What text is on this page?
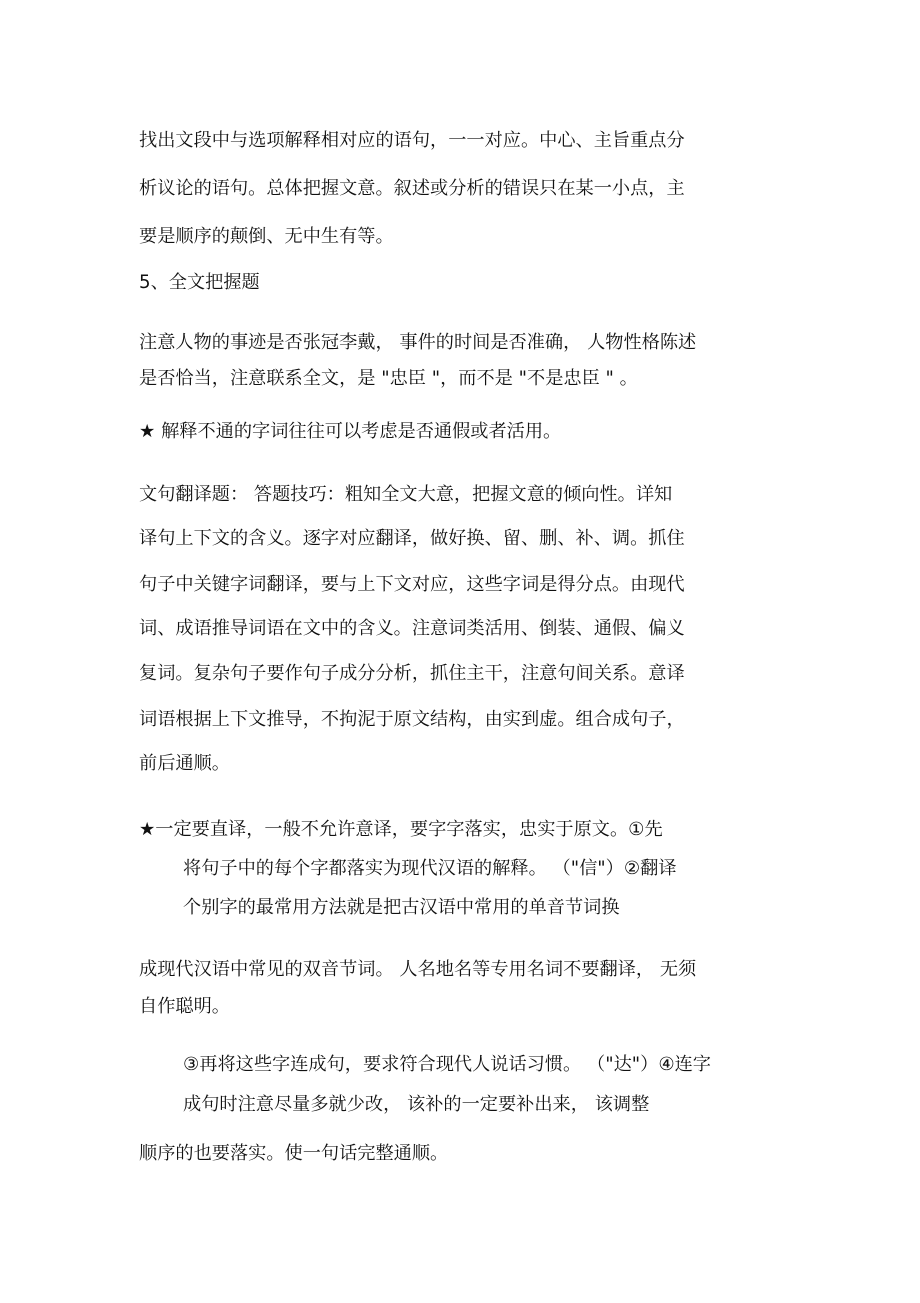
找出文段中与选项解释相对应的语句，一一对应。中心、主旨重点分
析议论的语句。总体把握文意。叙述或分析的错误只在某一小点，主
要是顺序的颠倒、无中生有等。
5、全文把握题
注意人物的事迹是否张冠李戴， 事件的时间是否准确， 人物性格陈述
是否恰当，注意联系全文，是 "忠臣 "，而不是 "不是忠臣 " 。
★ 解释不通的字词往往可以考虑是否通假或者活用。
文句翻译题： 答题技巧：粗知全文大意，把握文意的倾向性。详知
译句上下文的含义。逐字对应翻译，做好换、留、删、补、调。抓住
句子中关键字词翻译，要与上下文对应，这些字词是得分点。由现代
词、成语推导词语在文中的含义。注意词类活用、倒装、通假、偏义
复词。复杂句子要作句子成分分析，抓住主干，注意句间关系。意译
词语根据上下文推导，不拘泥于原文结构，由实到虚。组合成句子，
前后通顺。
★一定要直译，一般不允许意译，要字字落实，忠实于原文。①先
将句子中的每个字都落实为现代汉语的解释。 （"信"）②翻译
个别字的最常用方法就是把古汉语中常用的单音节词换
成现代汉语中常见的双音节词。 人名地名等专用名词不要翻译， 无须
自作聪明。
③再将这些字连成句，要求符合现代人说话习惯。 （"达"）④连字
成句时注意尽量多就少改， 该补的一定要补出来， 该调整
顺序的也要落实。使一句话完整通顺。
